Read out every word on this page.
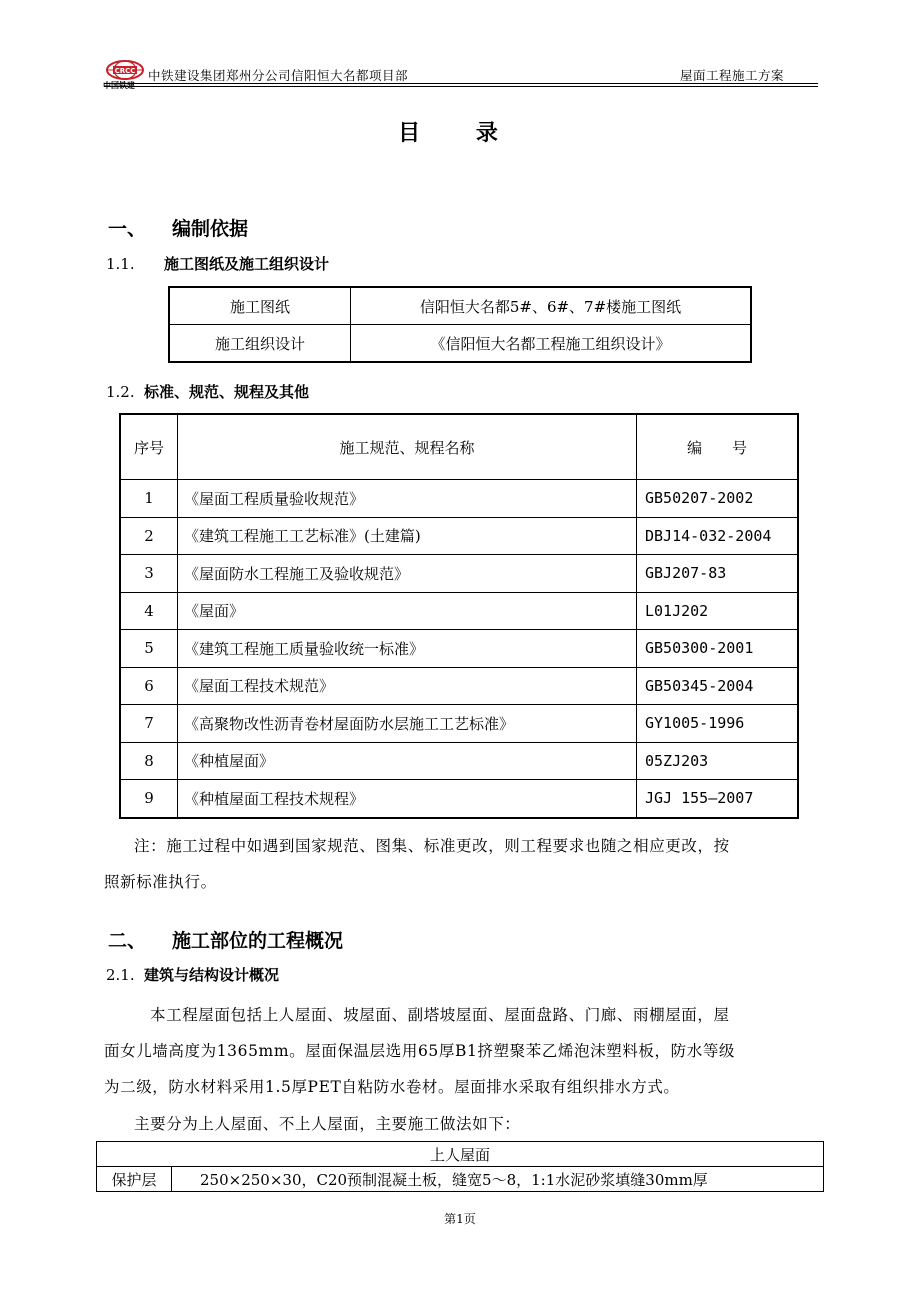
CRCC
中国铁建
中铁建设集团郑州分公司信阳恒大名都项目部	屋面工程施工方案
目 录
一、 编制依据
1.1. 施工图纸及施工组织设计
施工图纸	信阳恒大名都5#、6#、7#楼施工图纸
施工组织设计	《信阳恒大名都工程施工组织设计》
1.2. 标准、规范、规程及其他
序号	施工规范、规程名称	编　　号
1	《屋面工程质量验收规范》	GB50207-2002
2	《建筑工程施工工艺标准》(土建篇)	DBJ14-032-2004
3	《屋面防水工程施工及验收规范》	GBJ207-83
4	《屋面》	L01J202
5	《建筑工程施工质量验收统一标准》	GB50300-2001
6	《屋面工程技术规范》	GB50345-2004
7	《高聚物改性沥青卷材屋面防水层施工工艺标准》	GY1005-1996
8	《种植屋面》	05ZJ203
9	《种植屋面工程技术规程》	JGJ 155—2007
注：施工过程中如遇到国家规范、图集、标准更改，则工程要求也随之相应更改，按
照新标准执行。
二、 施工部位的工程概况
2.1. 建筑与结构设计概况
本工程屋面包括上人屋面、坡屋面、副塔坡屋面、屋面盘路、门廊、雨棚屋面，屋
面女儿墙高度为1365mm。屋面保温层选用65厚B1挤塑聚苯乙烯泡沫塑料板，防水等级
为二级，防水材料采用1.5厚PET自粘防水卷材。屋面排水采取有组织排水方式。
主要分为上人屋面、不上人屋面，主要施工做法如下：
上人屋面
保护层	250×250×30，C20预制混凝土板，缝宽5～8，1:1水泥砂浆填缝30mm厚
第1页
